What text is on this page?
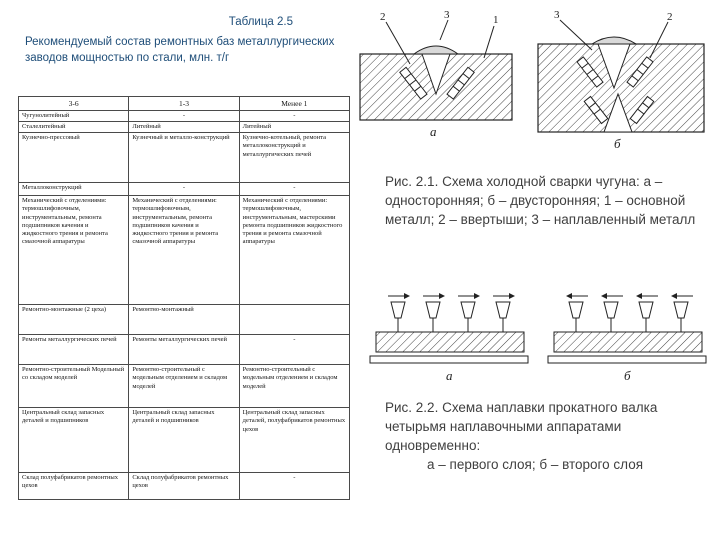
Таблица 2.5
Рекомендуемый состав ремонтных баз металлургических заводов мощностью по стали, млн. т/г
3-6	1-3	Менее 1
Чугунолитейный	-	-
Сталелитейный	Литейный	Литейный
Кузнечно-прессовый	Кузнечный и металло-конструкций	Кузнечно-котельный, ремонта металлоконструкций и металлургических печей
Металлоконструкций	-	-
Механический с отделениями: термошлифовочным, инструментальным, ремонта подшипников качения и жидкостного трения и ремонта смазочной аппаратуры	Механический с отделениями: термошлифовочным, инструментальным, ремонта подшипников качения и жидкостного трения и ремонта смазочной аппаратуры	Механический с отделениями: термошлифовочным, инструментальным, мастерскими ремонта подшипников жидкостного трения и ремонта смазочной аппаратуры
Ремонтно-монтажные (2 цеха)	Ремонтно-монтажный	
Ремонты металлургических печей	Ремонты металлургических печей	-
Ремонтно-строительный Модельный со складом моделей	Ремонтно-строительный с модельным отделением и складом моделей	Ремонтно-строительный с модельным отделением и складом моделей
Центральный склад запасных деталей и подшипников	Центральный склад запасных деталей и подшипников	Центральный склад запасных деталей, полуфабрикатов ремонтных цехов
Склад полуфабрикатов ремонтных цехов	Склад полуфабрикатов ремонтных цехов	-
2	3	1
а
3	2
б
Рис. 2.1. Схема холодной сварки чугуна: а – односторонняя; б – двусторонняя; 1 – основной металл; 2 – ввертыши; 3 – наплавленный металл
а	б
Рис. 2.2. Схема наплавки прокатного валка четырьмя наплавочными аппаратами одновременно:
а – первого слоя; б – второго слоя
